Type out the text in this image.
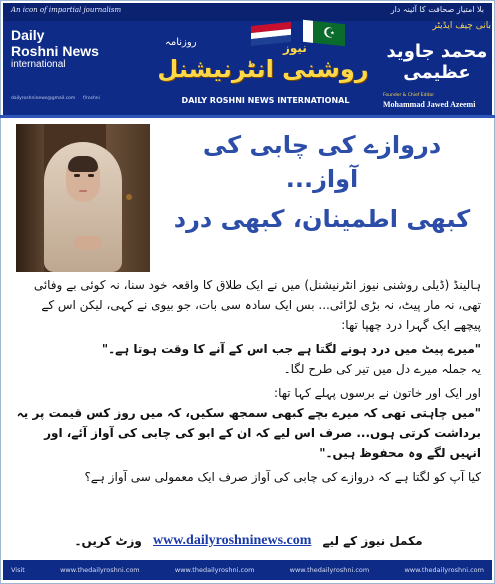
An icon of impartial journalism	بلا امتیاز صحافت کا آئینہ دار
Daily
Roshni News
international
dailyroshninews@gmail.com f/roshni
☪
روزنامہ	نیوز
روشنی انٹرنیشنل
DAILY ROSHNI NEWS INTERNATIONAL
بانی چیف ایڈیٹر
محمد جاوید عظیمی
Founder & Chief Editor
Mohammad Jawed Azeemi
دروازے کی چابی کی آواز...
کبھی اطمینان، کبھی درد

ہالینڈ (ڈیلی روشنی نیوز انٹرنیشنل) میں نے ایک طلاق کا واقعہ خود سنا، نہ کوئی بے وفائی تھی، نہ مار پیٹ، نہ بڑی لڑائی... بس ایک سادہ سی بات، جو بیوی نے کہی، لیکن اس کے پیچھے ایک گہرا درد چھپا تھا:

"میرے پیٹ میں درد ہونے لگتا ہے جب اس کے آنے کا وقت ہوتا ہے۔"

یہ جملہ میرے دل میں تیر کی طرح لگا۔

اور ایک اور خاتون نے برسوں پہلے کہا تھا:

"میں چاہتی تھی کہ میرے بچے کبھی سمجھ سکیں، کہ میں روز کس قیمت پر یہ برداشت کرتی ہوں... صرف اس لیے کہ ان کے ابو کی چابی کی آواز آئے، اور انہیں لگے وہ محفوظ ہیں۔"

کیا آپ کو لگتا ہے کہ دروازے کی چابی کی آواز صرف ایک معمولی سی آواز ہے؟

مکمل نیوز کے لیے www.dailyroshninews.com وزٹ کریں۔
Visit	www.thedailyroshni.com	www.thedailyroshni.com	www.thedailyroshni.com	www.thedailyroshni.com
